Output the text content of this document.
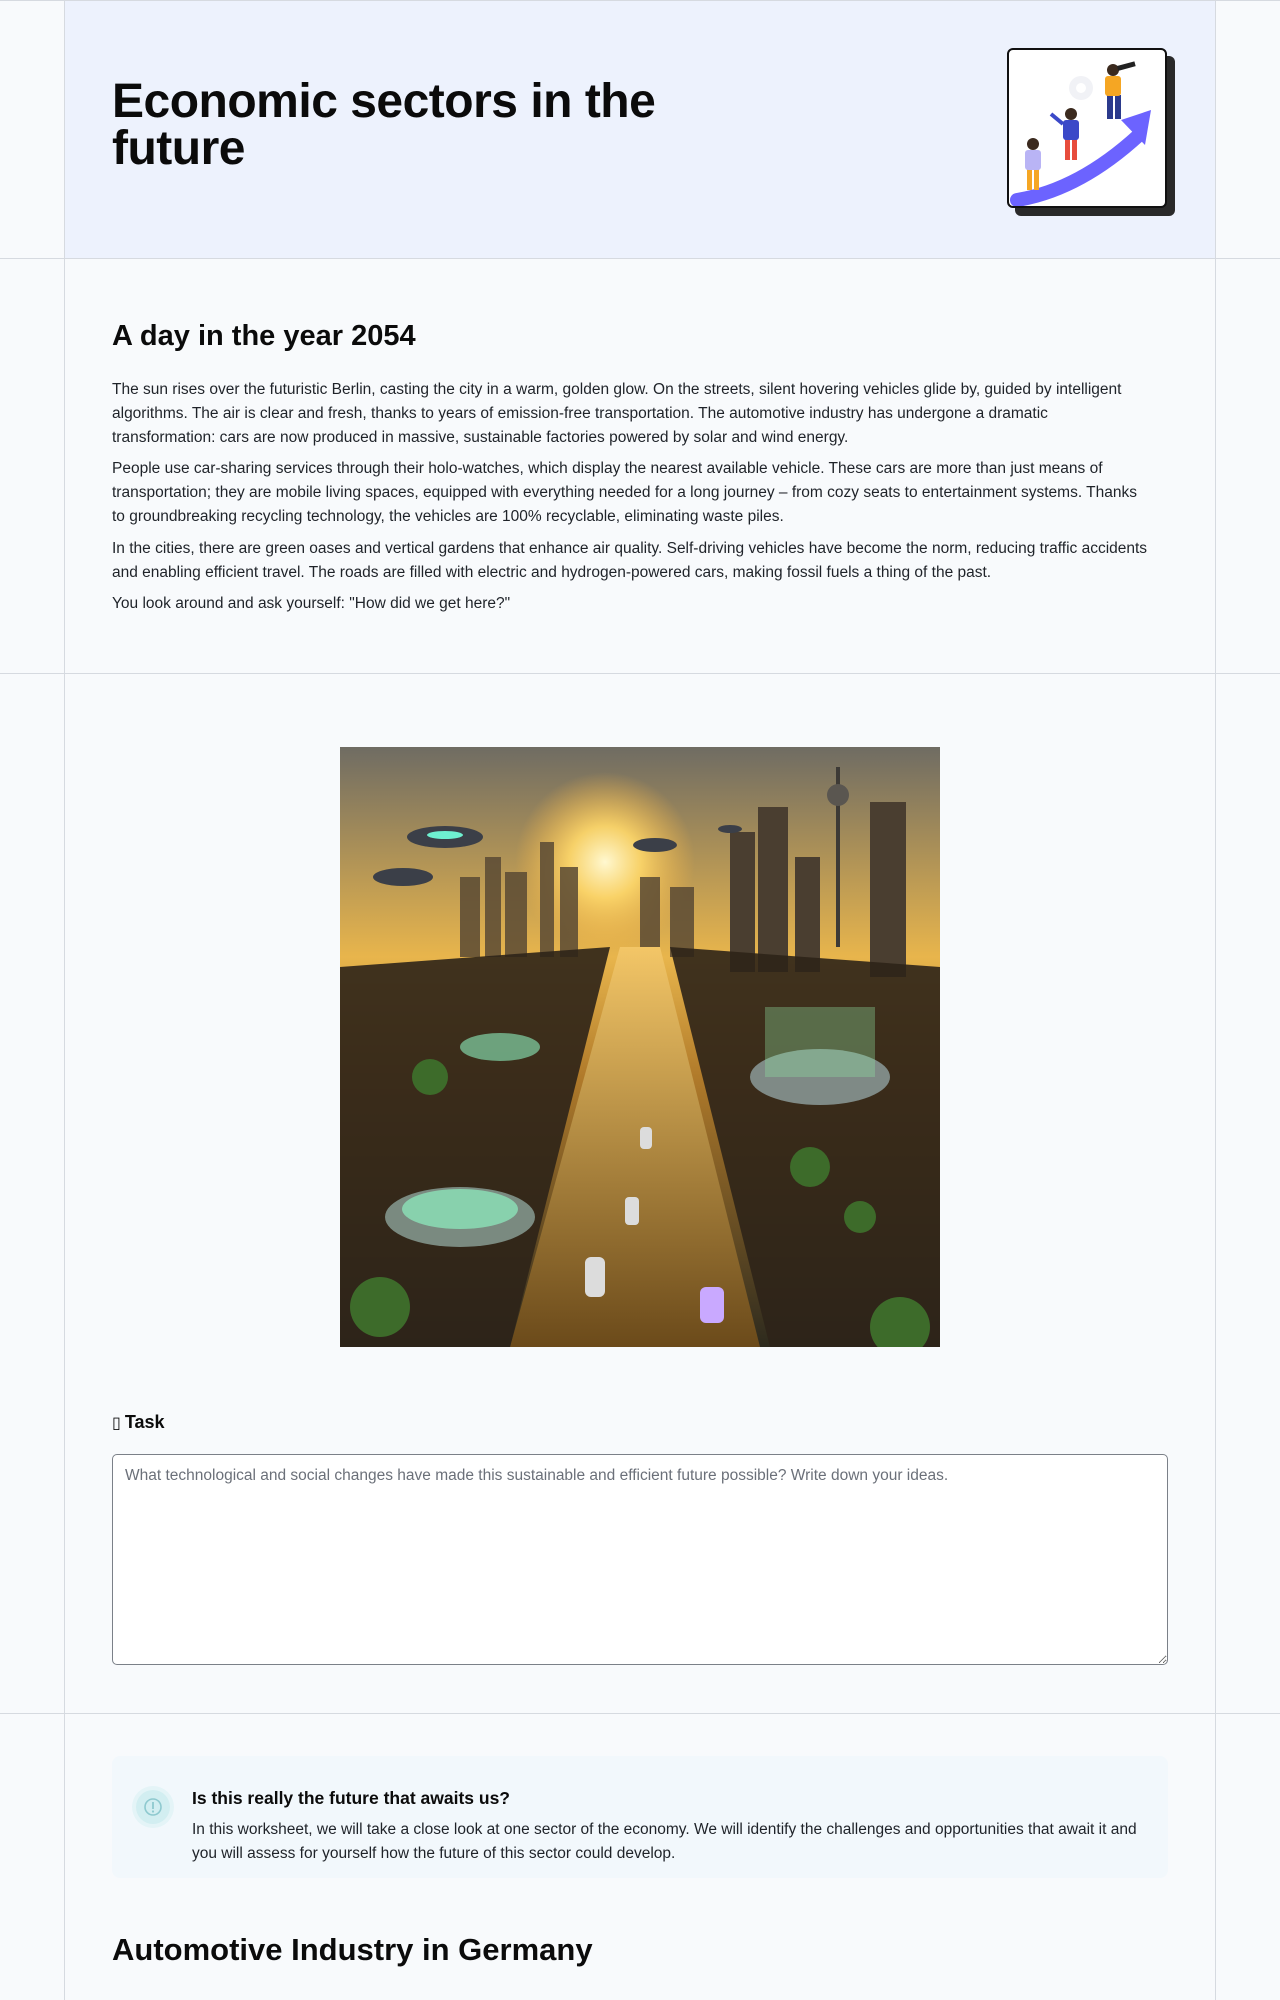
Economic sectors in the future
A day in the year 2054

The sun rises over the futuristic Berlin, casting the city in a warm, golden glow. On the streets, silent hovering vehicles glide by, guided by intelligent algorithms. The air is clear and fresh, thanks to years of emission-free transportation. The automotive industry has undergone a dramatic transformation: cars are now produced in massive, sustainable factories powered by solar and wind energy.

People use car-sharing services through their holo-watches, which display the nearest available vehicle. These cars are more than just means of transportation; they are mobile living spaces, equipped with everything needed for a long journey – from cozy seats to entertainment systems. Thanks to groundbreaking recycling technology, the vehicles are 100% recyclable, eliminating waste piles.

In the cities, there are green oases and vertical gardens that enhance air quality. Self-driving vehicles have become the norm, reducing traffic accidents and enabling efficient travel. The roads are filled with electric and hydrogen-powered cars, making fossil fuels a thing of the past.

You look around and ask yourself: "How did we get here?"

▯ Task
What technological and social changes have made this sustainable and efficient future possible? Write down your ideas.
Is this really the future that awaits us?
In this worksheet, we will take a close look at one sector of the economy. We will identify the challenges and opportunities that await it and you will assess for yourself how the future of this sector could develop.
Automotive Industry in Germany
